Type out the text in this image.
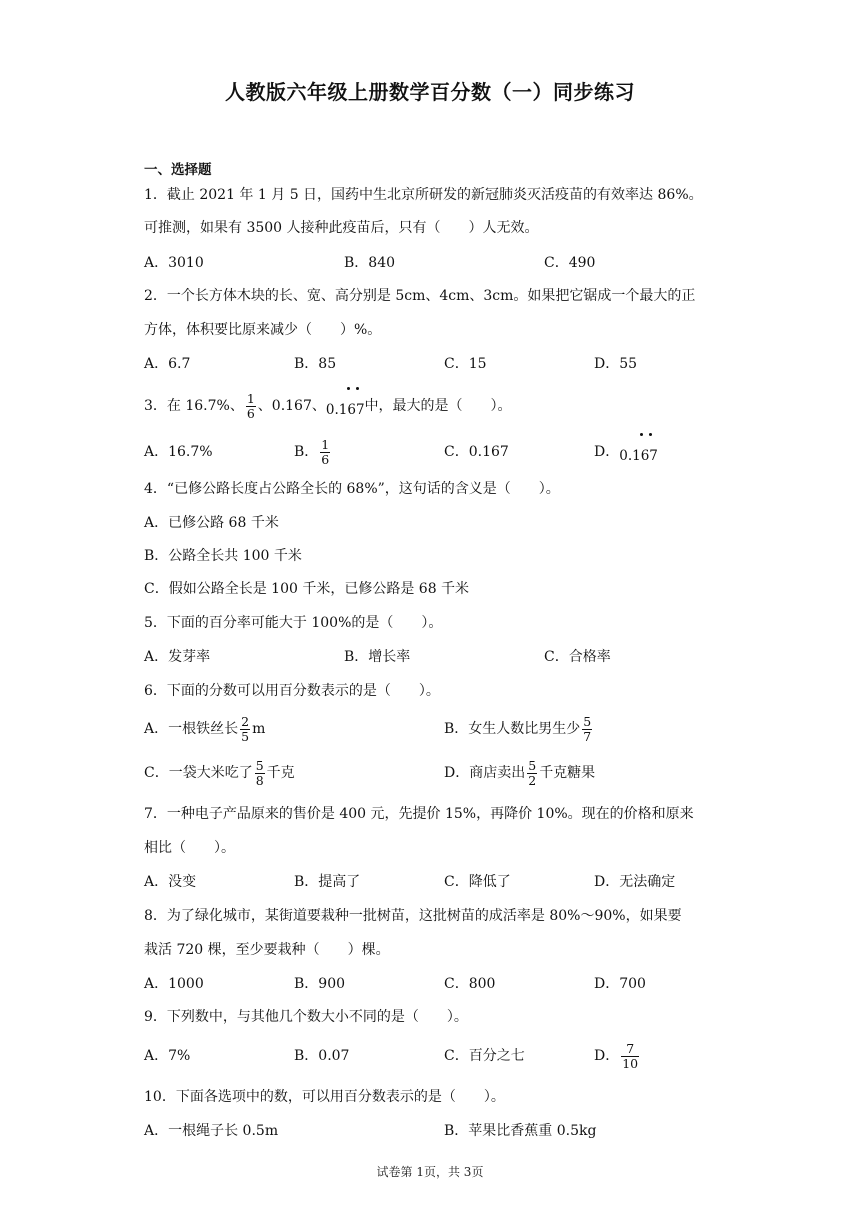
人教版六年级上册数学百分数（一）同步练习
一、选择题
1．截止 2021 年 1 月 5 日，国药中生北京所研发的新冠肺炎灭活疫苗的有效率达 86%。
可推测，如果有 3500 人接种此疫苗后，只有（　　）人无效。
A．3010	B．840	C．490
2．一个长方体木块的长、宽、高分别是 5cm、4cm、3cm。如果把它锯成一个最大的正
方体，体积要比原来减少（　　）%。
A．6.7	B．85	C．15	D．55
3．在 16.7%、 $\frac{1}{6}$ 、0.167、0.167
中，最大的是（　　）。
A．16.7%	B． $\frac{1}{6}$	C．0.167	D．0.167
4．“已修公路长度占公路全长的 68%”，这句话的含义是（　　）。
A．已修公路 68 千米
B．公路全长共 100 千米
C．假如公路全长是 100 千米，已修公路是 68 千米
5．下面的百分率可能大于 100%的是（　　）。
A．发芽率	B．增长率	C．合格率
6．下面的分数可以用百分数表示的是（　　）。
A．一根铁丝长 $\frac{2}{5}$ m	B．女生人数比男生少 $\frac{5}{7}$
C．一袋大米吃了 $\frac{5}{8}$ 千克	D．商店卖出 $\frac{5}{2}$ 千克糖果
7．一种电子产品原来的售价是 400 元，先提价 15%，再降价 10%。现在的价格和原来
相比（　　）。
A．没变	B．提高了	C．降低了	D．无法确定
8．为了绿化城市，某街道要栽种一批树苗，这批树苗的成活率是 80%～90%，如果要
栽活 720 棵，至少要栽种（　　）棵。
A．1000	B．900	C．800	D．700
9．下列数中，与其他几个数大小不同的是（　　）。
A．7%	B．0.07	C．百分之七	D． $\frac{7}{10}$
10．下面各选项中的数，可以用百分数表示的是（　　）。
A．一根绳子长 0.5m	B．苹果比香蕉重 0.5kg
试卷第 1页，共 3页
